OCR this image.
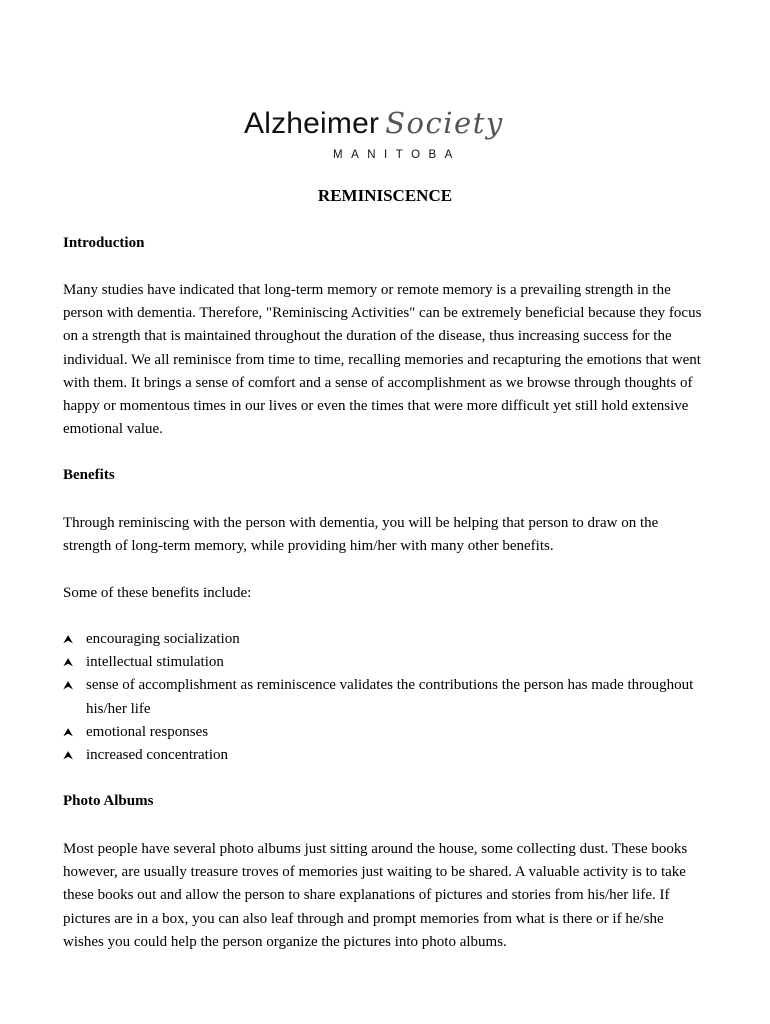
Alzheimer Society
MANITOBA
REMINISCENCE
Introduction
Many studies have indicated that long-term memory or remote memory is a prevailing strength in the person with dementia. Therefore, "Reminiscing Activities" can be extremely beneficial because they focus on a strength that is maintained throughout the duration of the disease, thus increasing success for the individual. We all reminisce from time to time, recalling memories and recapturing the emotions that went with them. It brings a sense of comfort and a sense of accomplishment as we browse through thoughts of happy or momentous times in our lives or even the times that were more difficult yet still hold extensive emotional value.
Benefits
Through reminiscing with the person with dementia, you will be helping that person to draw on the strength of long-term memory, while providing him/her with many other benefits.
Some of these benefits include:
⮝ encouraging socialization
⮝ intellectual stimulation
⮝ sense of accomplishment as reminiscence validates the contributions the person has made throughout his/her life
⮝ emotional responses
⮝ increased concentration
Photo Albums
Most people have several photo albums just sitting around the house, some collecting dust. These books however, are usually treasure troves of memories just waiting to be shared. A valuable activity is to take these books out and allow the person to share explanations of pictures and stories from his/her life. If pictures are in a box, you can also leaf through and prompt memories from what is there or if he/she wishes you could help the person organize the pictures into photo albums.
